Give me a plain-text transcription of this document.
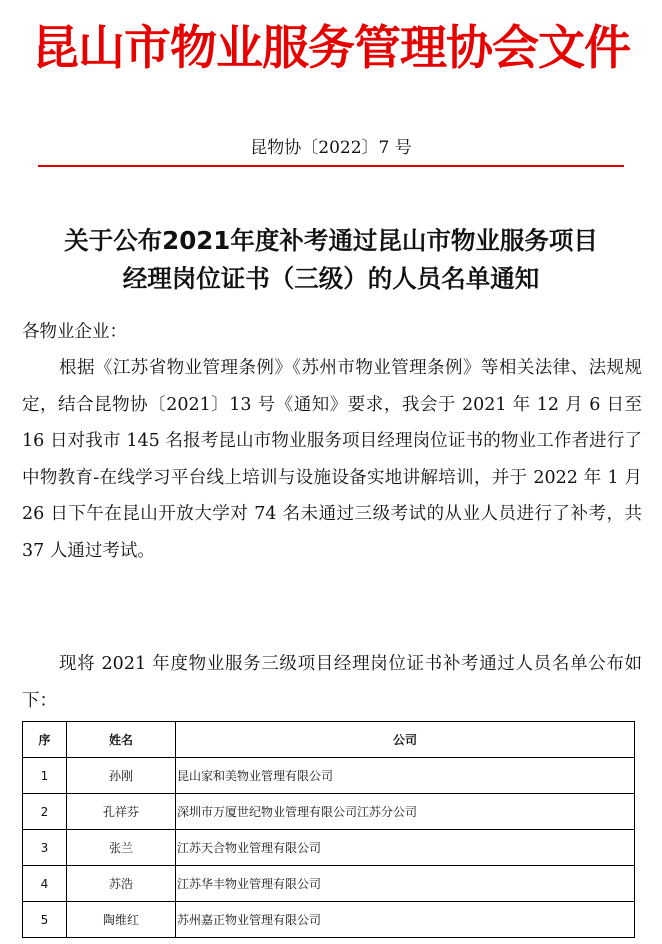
昆山市物业服务管理协会文件
昆物协〔2022〕7 号
关于公布2021年度补考通过昆山市物业服务项目
经理岗位证书（三级）的人员名单通知
各物业企业：
根据《江苏省物业管理条例》《苏州市物业管理条例》等相关法律、法规规定，结合昆物协〔2021〕13 号《通知》要求，我会于 2021 年 12 月 6 日至 16 日对我市 145 名报考昆山市物业服务项目经理岗位证书的物业工作者进行了中物教育-在线学习平台线上培训与设施设备实地讲解培训，并于 2022 年 1 月 26 日下午在昆山开放大学对 74 名未通过三级考试的从业人员进行了补考，共 37 人通过考试。
现将 2021 年度物业服务三级项目经理岗位证书补考通过人员名单公布如下：
序	姓名	公司
1	孙刚	昆山家和美物业管理有限公司
2	孔祥芬	深圳市万厦世纪物业管理有限公司江苏分公司
3	张兰	江苏天合物业管理有限公司
4	苏浩	江苏华丰物业管理有限公司
5	陶维红	苏州嘉正物业管理有限公司
